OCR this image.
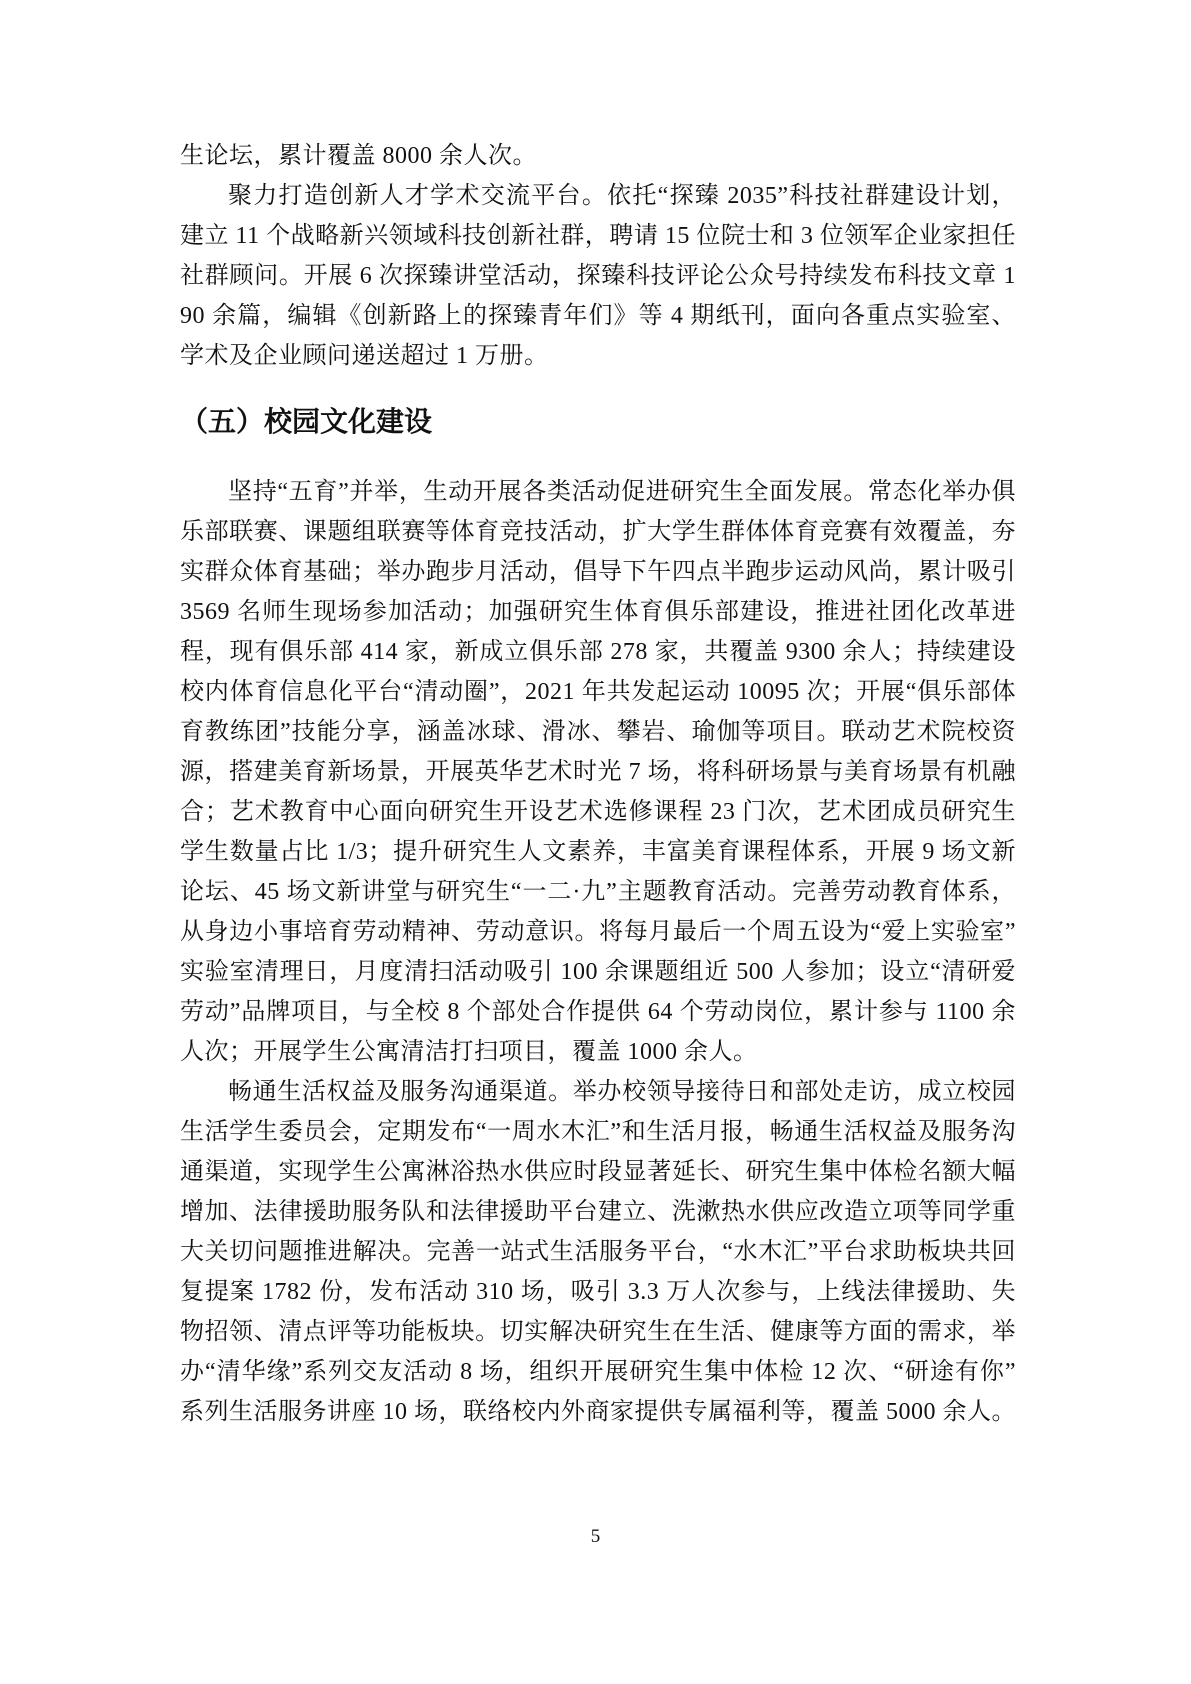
生论坛，累计覆盖 8000 余人次。

聚力打造创新人才学术交流平台。依托“探臻 2035”科技社群建设计划，建立 11 个战略新兴领域科技创新社群，聘请 15 位院士和 3 位领军企业家担任社群顾问。开展 6 次探臻讲堂活动，探臻科技评论公众号持续发布科技文章 190 余篇，编辑《创新路上的探臻青年们》等 4 期纸刊，面向各重点实验室、学术及企业顾问递送超过 1 万册。

（五）校园文化建设

坚持“五育”并举，生动开展各类活动促进研究生全面发展。常态化举办俱乐部联赛、课题组联赛等体育竞技活动，扩大学生群体体育竞赛有效覆盖，夯实群众体育基础；举办跑步月活动，倡导下午四点半跑步运动风尚，累计吸引 3569 名师生现场参加活动；加强研究生体育俱乐部建设，推进社团化改革进程，现有俱乐部 414 家，新成立俱乐部 278 家，共覆盖 9300 余人；持续建设校内体育信息化平台“清动圈”，2021 年共发起运动 10095 次；开展“俱乐部体育教练团”技能分享，涵盖冰球、滑冰、攀岩、瑜伽等项目。联动艺术院校资源，搭建美育新场景，开展英华艺术时光 7 场，将科研场景与美育场景有机融合；艺术教育中心面向研究生开设艺术选修课程 23 门次，艺术团成员研究生学生数量占比 1/3；提升研究生人文素养，丰富美育课程体系，开展 9 场文新论坛、45 场文新讲堂与研究生“一二·九”主题教育活动。完善劳动教育体系，从身边小事培育劳动精神、劳动意识。将每月最后一个周五设为“爱上实验室”实验室清理日，月度清扫活动吸引 100 余课题组近 500 人参加；设立“清研爱劳动”品牌项目，与全校 8 个部处合作提供 64 个劳动岗位，累计参与 1100 余人次；开展学生公寓清洁打扫项目，覆盖 1000 余人。

畅通生活权益及服务沟通渠道。举办校领导接待日和部处走访，成立校园生活学生委员会，定期发布“一周水木汇”和生活月报，畅通生活权益及服务沟通渠道，实现学生公寓淋浴热水供应时段显著延长、研究生集中体检名额大幅增加、法律援助服务队和法律援助平台建立、洗漱热水供应改造立项等同学重大关切问题推进解决。完善一站式生活服务平台，“水木汇”平台求助板块共回复提案 1782 份，发布活动 310 场，吸引 3.3 万人次参与，上线法律援助、失物招领、清点评等功能板块。切实解决研究生在生活、健康等方面的需求，举办“清华缘”系列交友活动 8 场，组织开展研究生集中体检 12 次、“研途有你”系列生活服务讲座 10 场，联络校内外商家提供专属福利等，覆盖 5000 余人。

5
